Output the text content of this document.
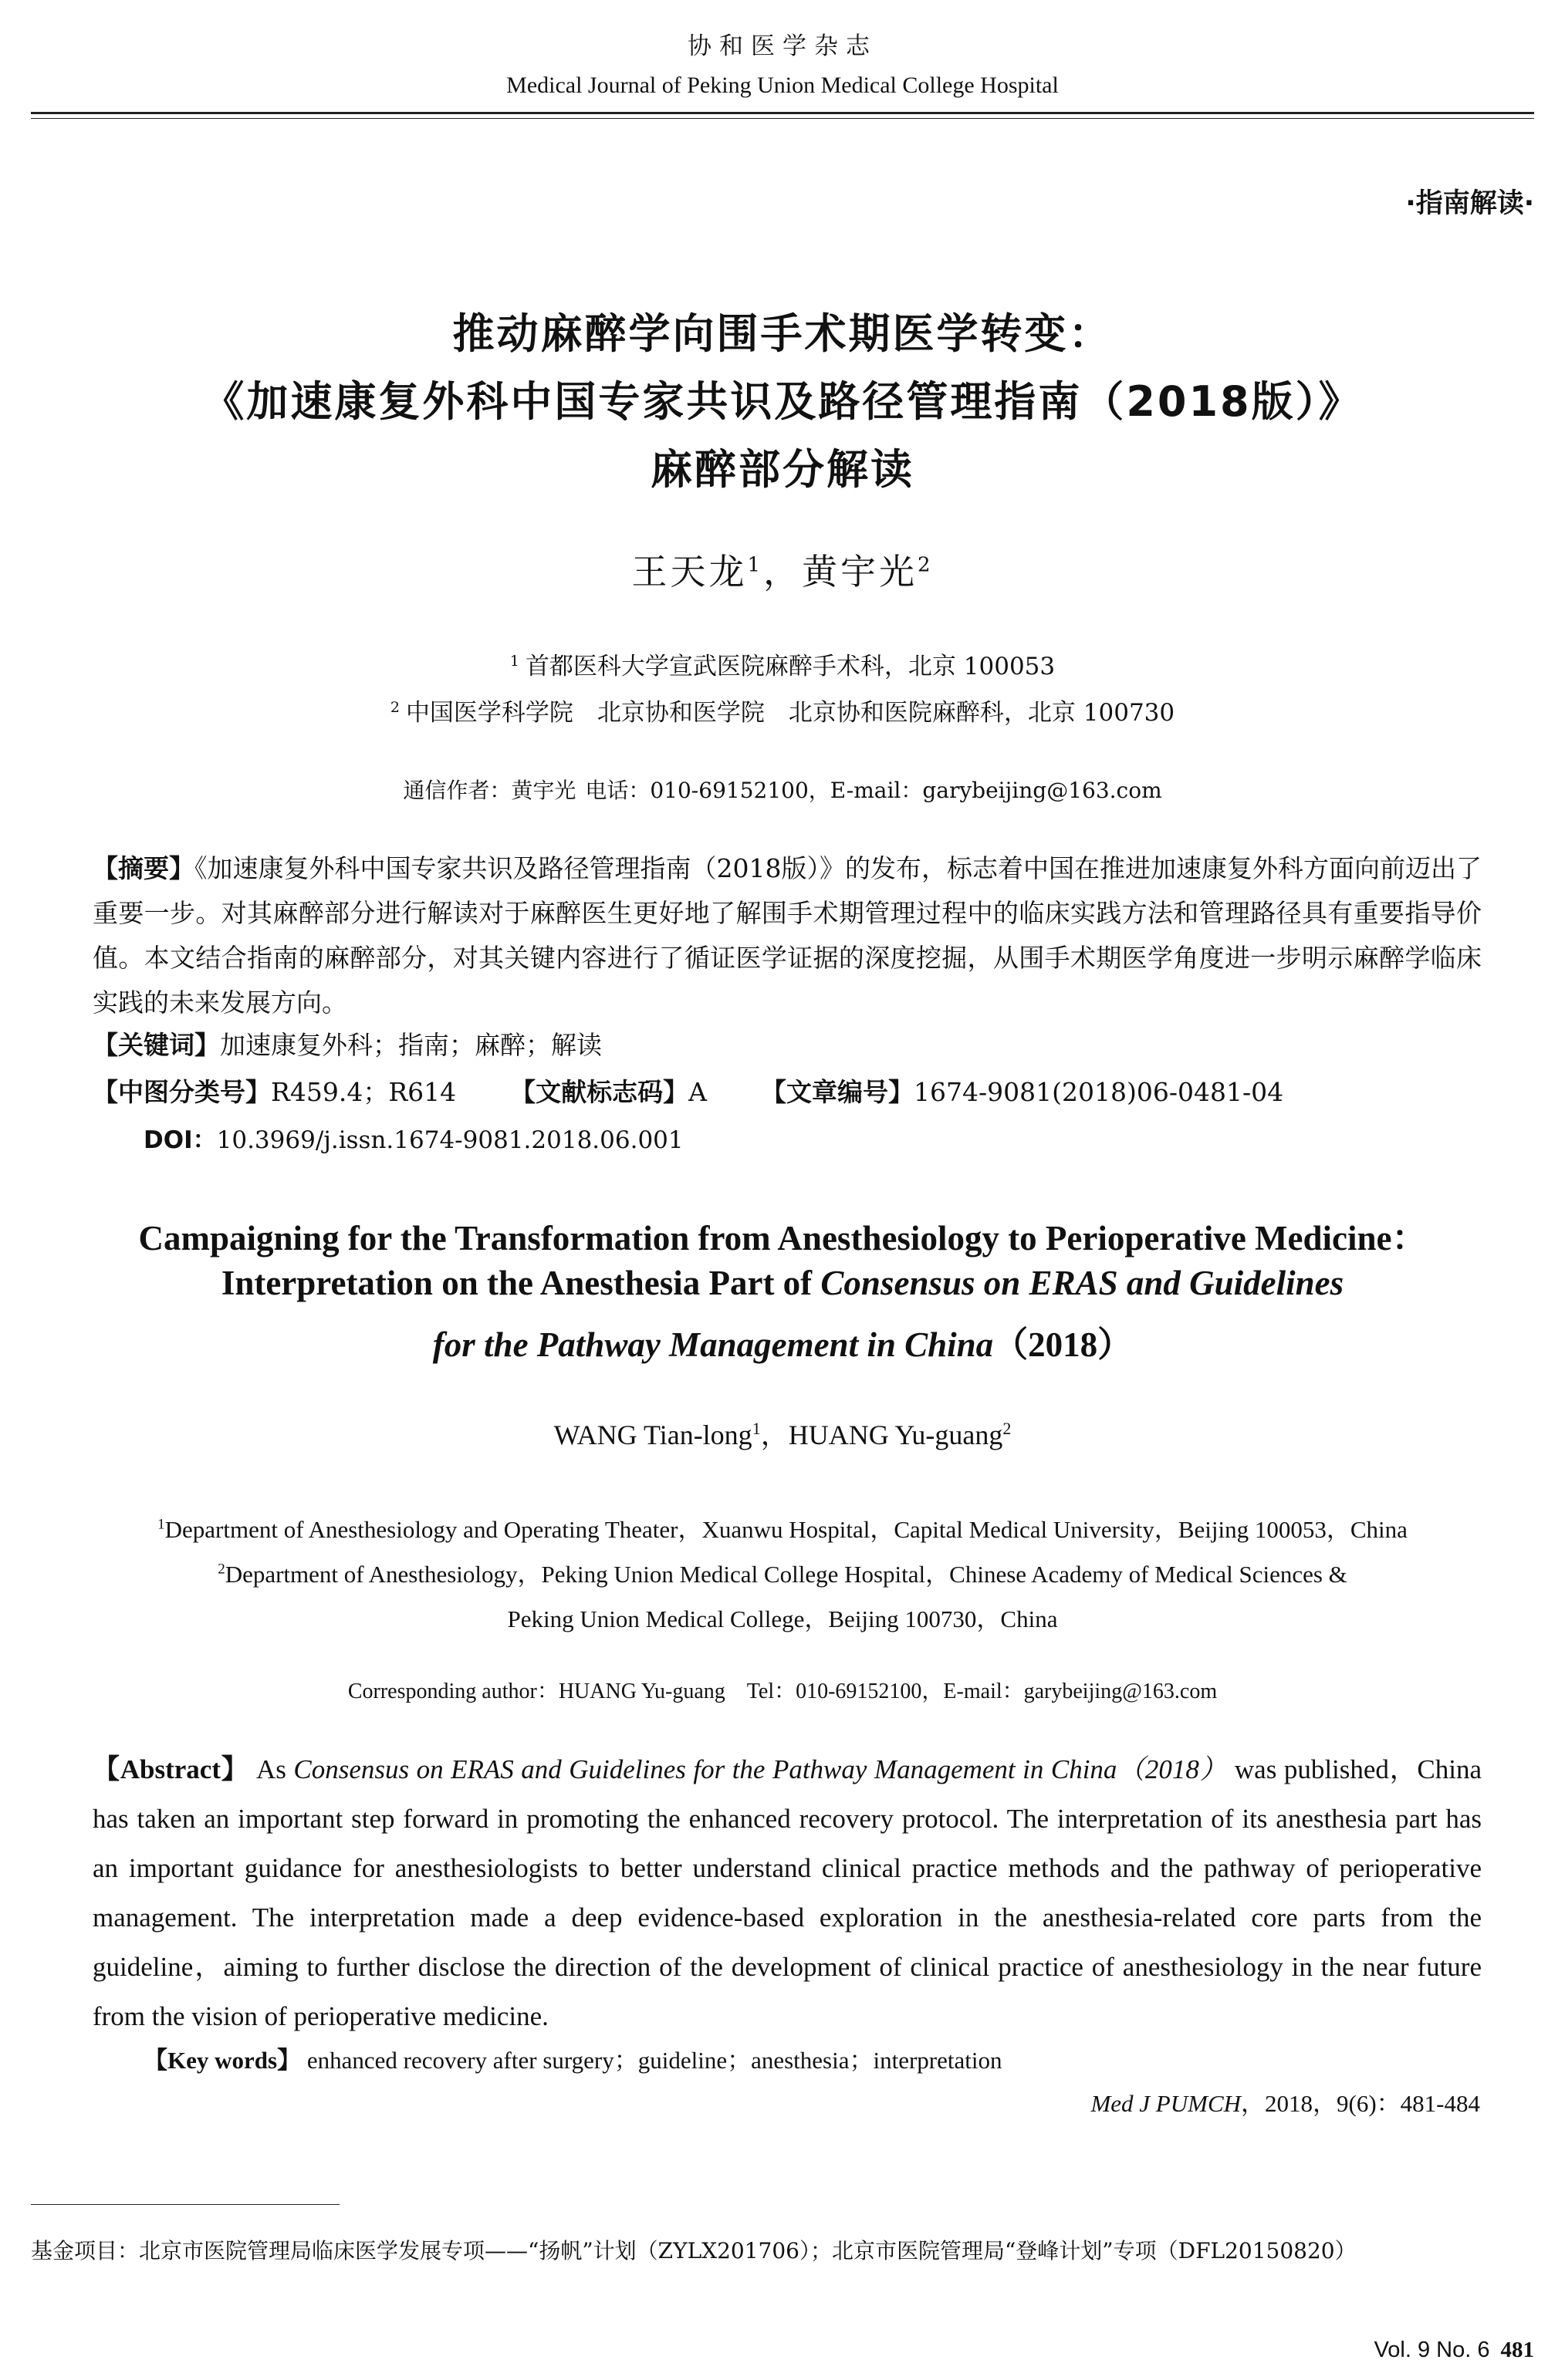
协和医学杂志
Medical Journal of Peking Union Medical College Hospital
·指南解读·
推动麻醉学向围手术期医学转变：
《加速康复外科中国专家共识及路径管理指南（2018版）》
麻醉部分解读
王天龙$^1$，黄宇光$^2$
$^1$ 首都医科大学宣武医院麻醉手术科，北京 100053
$^2$ 中国医学科学院　北京协和医学院　北京协和医院麻醉科，北京 100730
通信作者：黄宇光 电话：010-69152100，E-mail：garybeijing@163.com
【摘要】《加速康复外科中国专家共识及路径管理指南（2018版）》的发布，标志着中国在推进加速康复外科方面向前迈出了重要一步。对其麻醉部分进行解读对于麻醉医生更好地了解围手术期管理过程中的临床实践方法和管理路径具有重要指导价值。本文结合指南的麻醉部分，对其关键内容进行了循证医学证据的深度挖掘，从围手术期医学角度进一步明示麻醉学临床实践的未来发展方向。
【关键词】加速康复外科；指南；麻醉；解读
【中图分类号】R459.4；R614 【文献标志码】A 【文章编号】1674-9081(2018)06-0481-04
DOI：10.3969/j.issn.1674-9081.2018.06.001
Campaigning for the Transformation from Anesthesiology to Perioperative Medicine：
Interpretation on the Anesthesia Part of Consensus on ERAS and Guidelines
for the Pathway Management in China（2018）
WANG Tian-long$^1$，HUANG Yu-guang$^2$
$^1$Department of Anesthesiology and Operating Theater，Xuanwu Hospital，Capital Medical University，Beijing 100053，China
$^2$Department of Anesthesiology，Peking Union Medical College Hospital，Chinese Academy of Medical Sciences &
Peking Union Medical College，Beijing 100730，China
Corresponding author：HUANG Yu-guang　Tel：010-69152100，E-mail：garybeijing@163.com
【Abstract】 As Consensus on ERAS and Guidelines for the Pathway Management in China（2018） was published，China has taken an important step forward in promoting the enhanced recovery protocol. The interpretation of its anesthesia part has an important guidance for anesthesiologists to better understand clinical practice methods and the pathway of perioperative management. The interpretation made a deep evidence-based exploration in the anesthesia-related core parts from the guideline，aiming to further disclose the direction of the development of clinical practice of anesthesiology in the near future from the vision of perioperative medicine.
【Key words】 enhanced recovery after surgery；guideline；anesthesia；interpretation
Med J PUMCH，2018，9(6)：481-484
基金项目：北京市医院管理局临床医学发展专项——“扬帆”计划（ZYLX201706）；北京市医院管理局“登峰计划”专项（DFL20150820）
Vol. 9 No. 6 481
